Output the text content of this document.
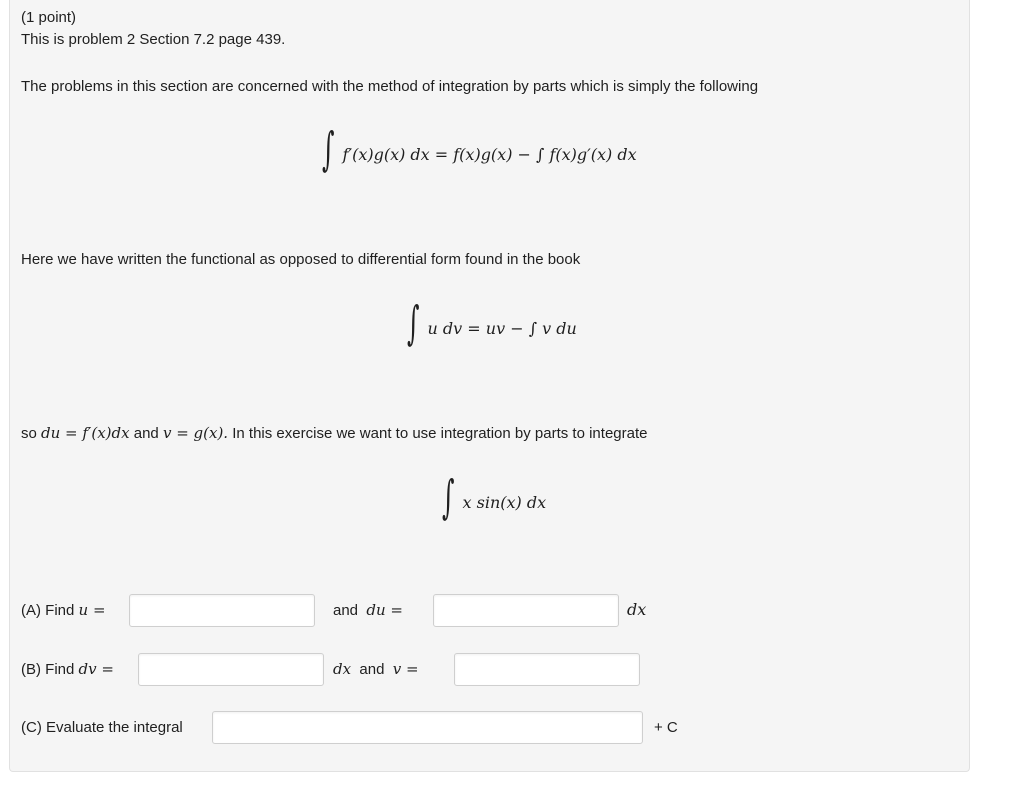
(1 point)
This is problem 2 Section 7.2 page 439.
The problems in this section are concerned with the method of integration by parts which is simply the following
∫ f′(x)g(x) dx = f(x)g(x) − ∫ f(x)g′(x) dx
Here we have written the functional as opposed to differential form found in the book
∫ u dv = uv − ∫ v du
so du = f′(x)dx and v = g(x). In this exercise we want to use integration by parts to integrate
∫ x sin(x) dx
(A) Find u =	and du =	dx
(B) Find dv =	dx and v =
(C) Evaluate the integral	+ C
